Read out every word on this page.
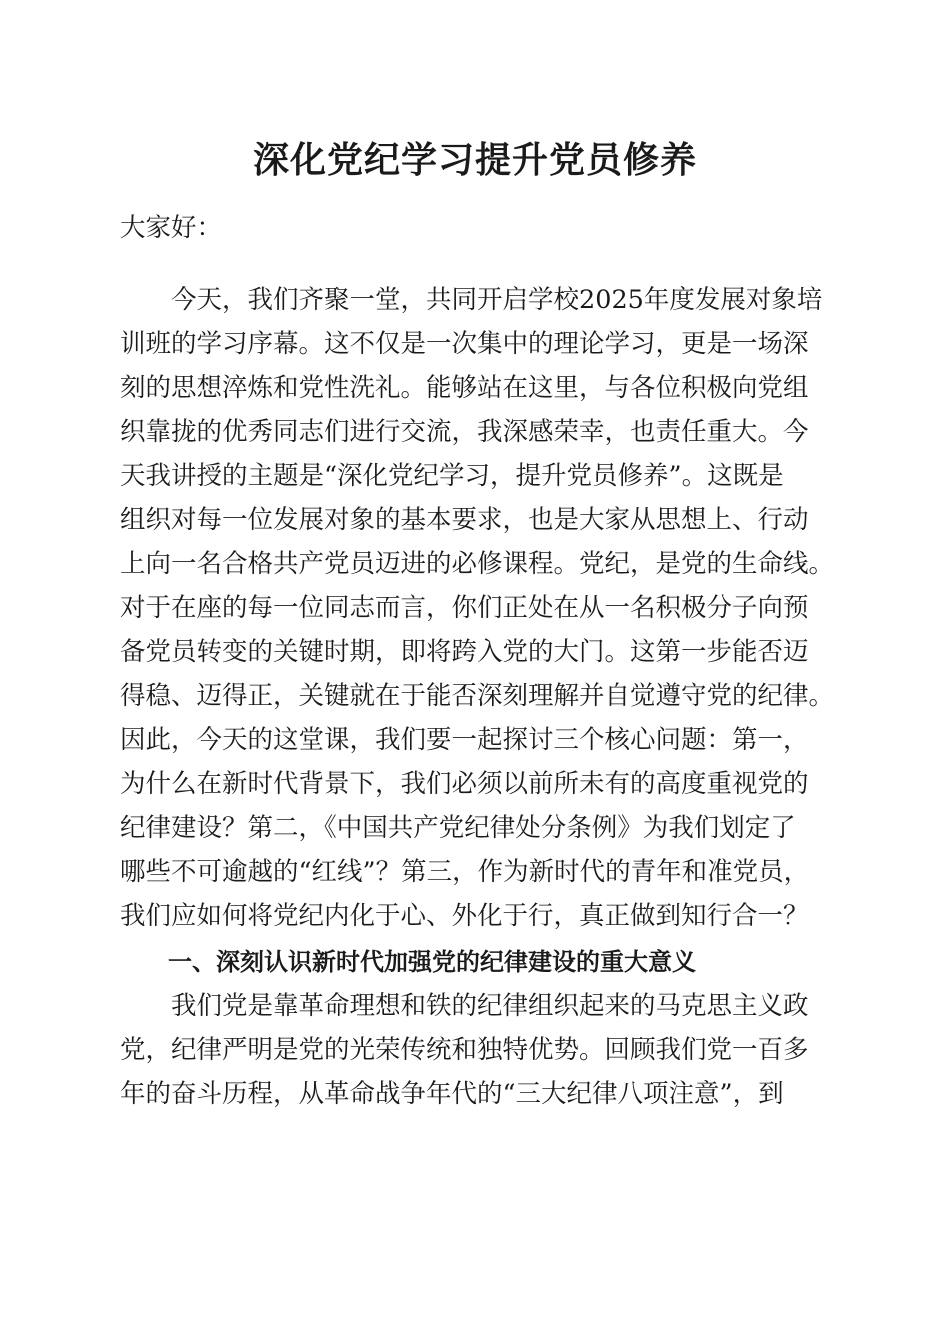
深化党纪学习提升党员修养

大家好：

　　今天，我们齐聚一堂，共同开启学校2025年度发展对象培

训班的学习序幕。这不仅是一次集中的理论学习，更是一场深

刻的思想淬炼和党性洗礼。能够站在这里，与各位积极向党组

织靠拢的优秀同志们进行交流，我深感荣幸，也责任重大。今

天我讲授的主题是“深化党纪学习，提升党员修养”。这既是

组织对每一位发展对象的基本要求，也是大家从思想上、行动

上向一名合格共产党员迈进的必修课程。党纪，是党的生命线。

对于在座的每一位同志而言，你们正处在从一名积极分子向预

备党员转变的关键时期，即将跨入党的大门。这第一步能否迈

得稳、迈得正，关键就在于能否深刻理解并自觉遵守党的纪律。

因此，今天的这堂课，我们要一起探讨三个核心问题：第一，

为什么在新时代背景下，我们必须以前所未有的高度重视党的

纪律建设？第二，《中国共产党纪律处分条例》为我们划定了

哪些不可逾越的“红线”？第三，作为新时代的青年和准党员，

我们应如何将党纪内化于心、外化于行，真正做到知行合一？

一、深刻认识新时代加强党的纪律建设的重大意义

　　我们党是靠革命理想和铁的纪律组织起来的马克思主义政

党，纪律严明是党的光荣传统和独特优势。回顾我们党一百多

年的奋斗历程，从革命战争年代的“三大纪律八项注意”，到
